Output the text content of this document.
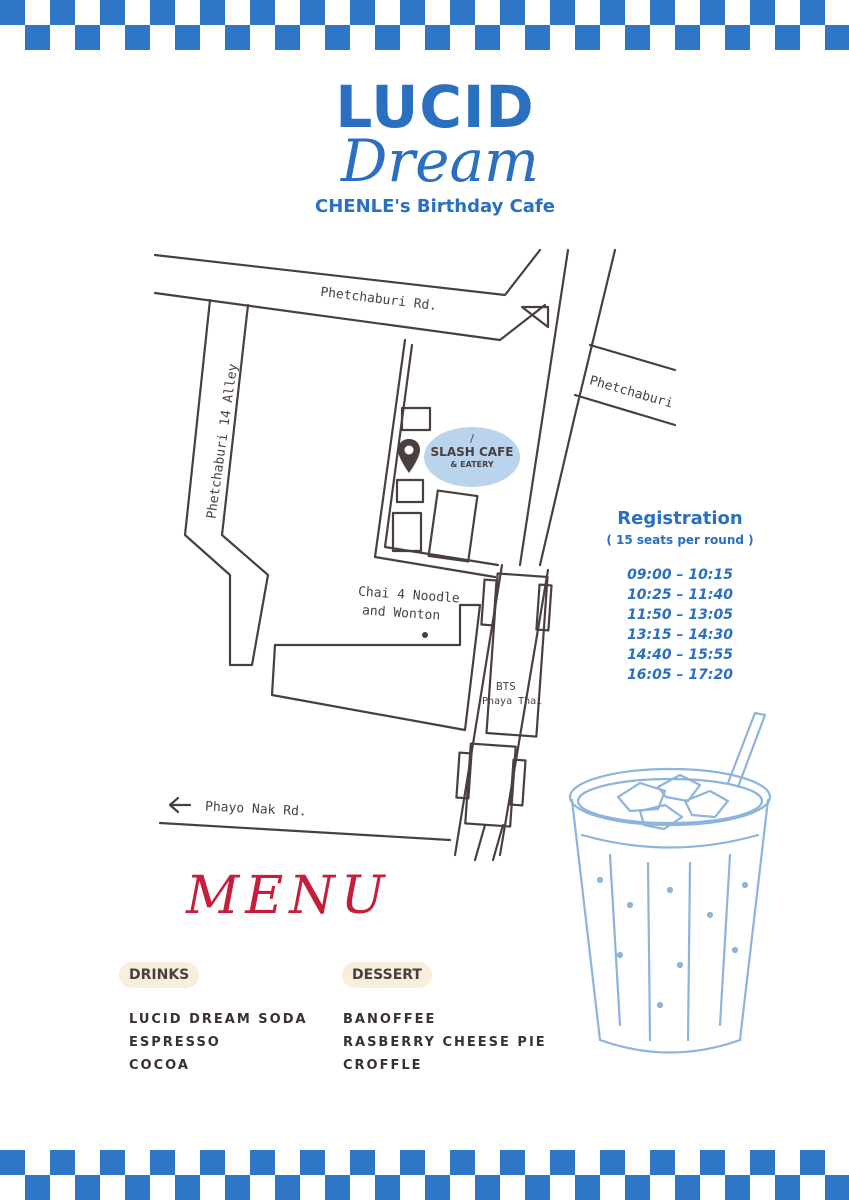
LUCID
Dream
CHENLE's Birthday Cafe
Phetchaburi Rd.
Phetchaburi
Phetchaburi 14 Alley
Chai 4 Noodle
and Wonton
BTS
Phaya Thai
Phayo Nak Rd.
/
SLASH CAFE
& EATERY
Registration
( 15 seats per round )
09:00 – 10:15
10:25 – 11:40
11:50 – 13:05
13:15 – 14:30
14:40 – 15:55
16:05 – 17:20
MENU
DRINKS
LUCID DREAM SODA
ESPRESSO
COCOA
DESSERT
BANOFFEE
RASBERRY CHEESE PIE
CROFFLE
